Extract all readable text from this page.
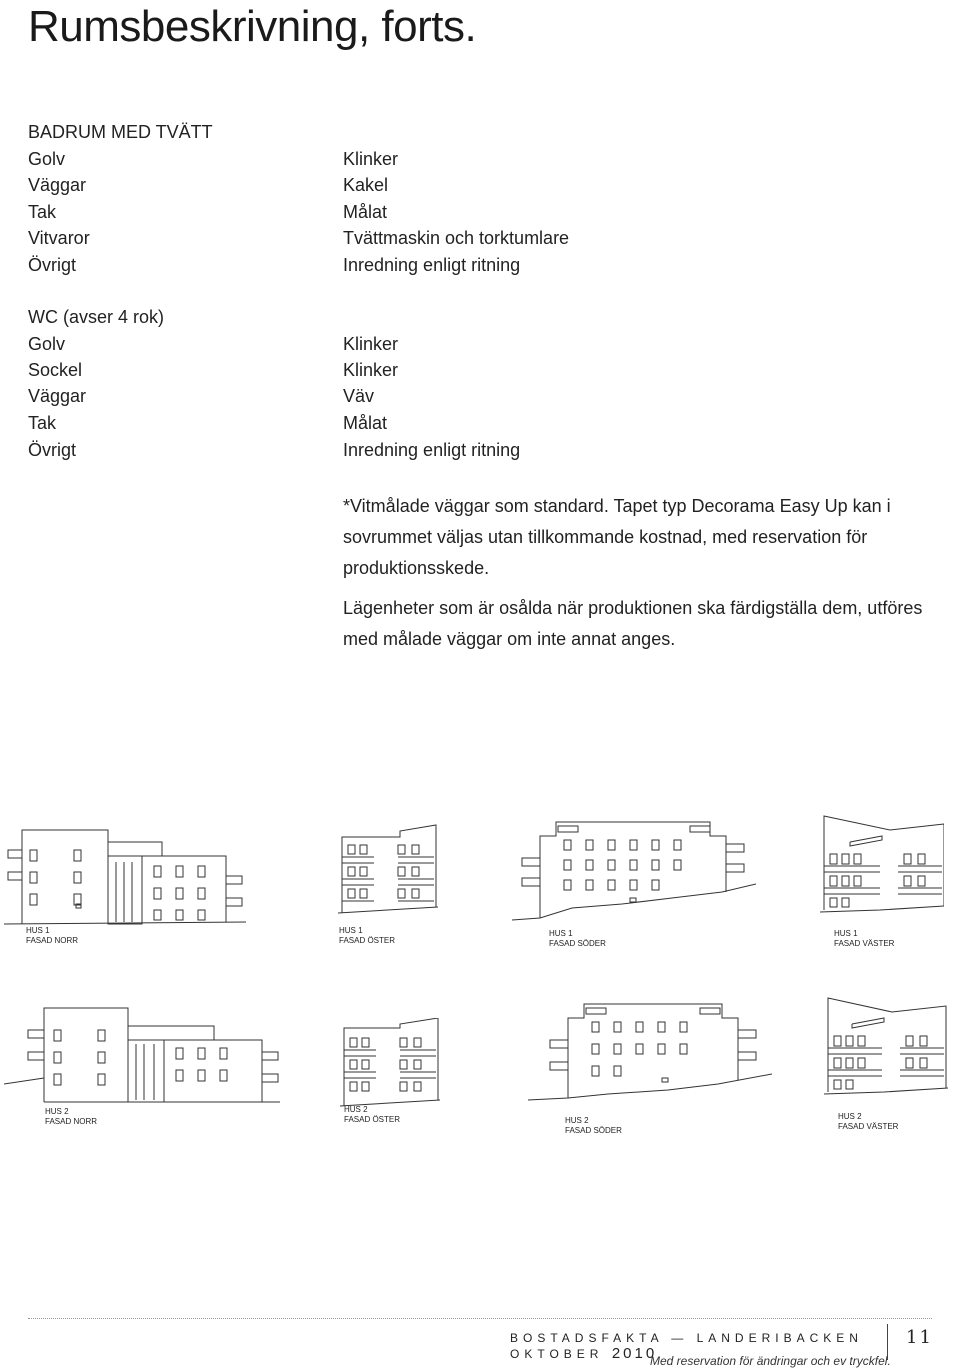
Rumsbeskrivning, forts.
BADRUM MED TVÄTT
Golv
Väggar
Tak
Vitvaror
Övrigt
Klinker
Kakel
Målat
Tvättmaskin och torktumlare
Inredning enligt ritning
WC (avser 4 rok)
Golv
Sockel
Väggar
Tak
Övrigt
Klinker
Klinker
Väv
Målat
Inredning enligt ritning

*Vitmålade väggar som standard. Tapet typ Decorama Easy Up kan i sovrummet väljas utan tillkommande kostnad, med reservation för produktionsskede.

Lägenheter som är osålda när produktionen ska färdigställa dem, utföres med målade väggar om inte annat anges.

HUS 1
FASAD NORR
HUS 1
FASAD ÖSTER
HUS 1
FASAD SÖDER
HUS 1
FASAD VÄSTER
HUS 2
FASAD NORR
HUS 2
FASAD ÖSTER	HUS 2
FASAD SÖDER
HUS 2
FASAD VÄSTER
BOSTADSFAKTA — LANDERIBACKEN OKTOBER 2010
11
Med reservation för ändringar och ev tryckfel.
